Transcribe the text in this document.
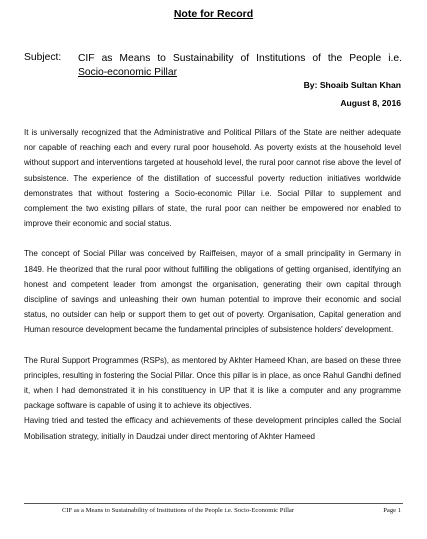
Note for Record
Subject: CIF as Means to Sustainability of Institutions of the People i.e.
Socio-economic Pillar
By: Shoaib Sultan Khan
August 8, 2016

It is universally recognized that the Administrative and Political Pillars of the State are neither adequate nor capable of reaching each and every rural poor household. As poverty exists at the household level without support and interventions targeted at household level, the rural poor cannot rise above the level of subsistence. The experience of the distillation of successful poverty reduction initiatives worldwide demonstrates that without fostering a Socio-economic Pillar i.e. Social Pillar to supplement and complement the two existing pillars of state, the rural poor can neither be empowered nor enabled to improve their economic and social status.

The concept of Social Pillar was conceived by Raiffeisen, mayor of a small principality in Germany in 1849. He theorized that the rural poor without fulfilling the obligations of getting organised, identifying an honest and competent leader from amongst the organisation, generating their own capital through discipline of savings and unleashing their own human potential to improve their economic and social status, no outsider can help or support them to get out of poverty. Organisation, Capital generation and Human resource development became the fundamental principles of subsistence holders' development.

The Rural Support Programmes (RSPs), as mentored by Akhter Hameed Khan, are based on these three principles, resulting in fostering the Social Pillar. Once this pillar is in place, as once Rahul Gandhi defined it, when I had demonstrated it in his constituency in UP that it is like a computer and any programme package software is capable of using it to achieve its objectives.

Having tried and tested the efficacy and achievements of these development principles called the Social Mobilisation strategy, initially in Daudzai under direct mentoring of Akhter Hameed

CIF as a Means to Sustainability of Institutions of the People i.e. Socio-Economic Pillar	Page 1
